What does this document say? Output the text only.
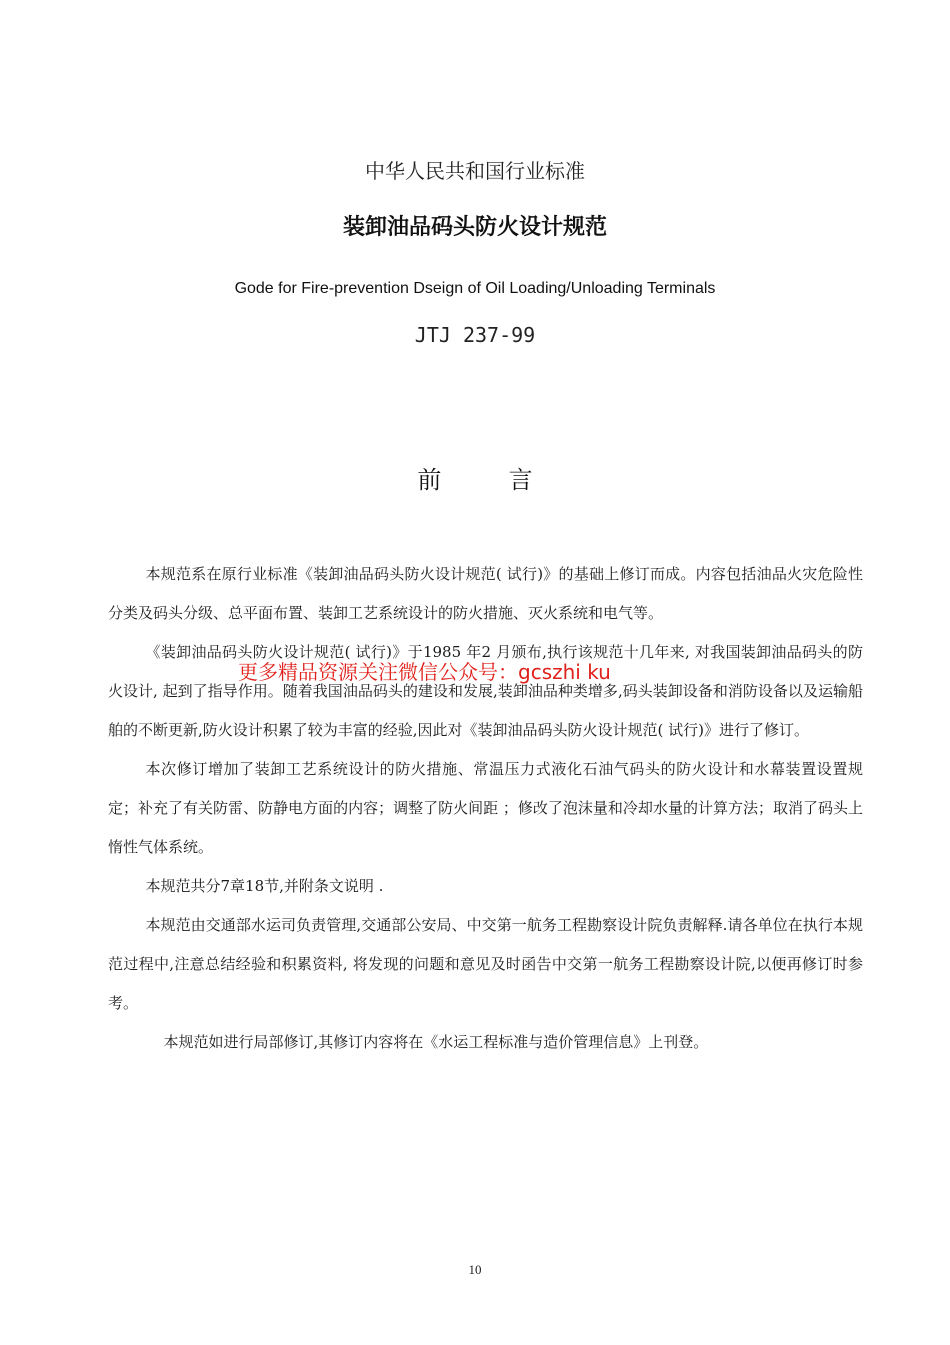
中华人民共和国行业标准
装卸油品码头防火设计规范
Gode for Fire-prevention Dseign of Oil Loading/Unloading Terminals
JTJ 237-99
前言

本规范系在原行业标准《装卸油品码头防火设计规范( 试行)》的基础上修订而成。内容包括油品火灾危险性分类及码头分级、总平面布置、装卸工艺系统设计的防火措施、灭火系统和电气等。

《装卸油品码头防火设计规范( 试行)》于1985 年2 月颁布,执行该规范十几年来, 对我国装卸油品码头的防火设计, 起到了指导作用。随着我国油品码头的建设和发展,装卸油品种类增多,码头装卸设备和消防设备以及运输船舶的不断更新,防火设计积累了较为丰富的经验,因此对《装卸油品码头防火设计规范( 试行)》进行了修订。

本次修订增加了装卸工艺系统设计的防火措施、常温压力式液化石油气码头的防火设计和水幕装置设置规定；补充了有关防雷、防静电方面的内容；调整了防火间距 ；修改了泡沫量和冷却水量的计算方法；取消了码头上惰性气体系统。

本规范共分7章18节,并附条文说明 .

本规范由交通部水运司负责管理,交通部公安局、中交第一航务工程勘察设计院负责解释.请各单位在执行本规范过程中,注意总结经验和积累资料, 将发现的问题和意见及时函告中交第一航务工程勘察设计院,以便再修订时参考。

本规范如进行局部修订,其修订内容将在《水运工程标准与造价管理信息》上刊登。

更多精品资源关注微信公众号：gcszhi ku
10
